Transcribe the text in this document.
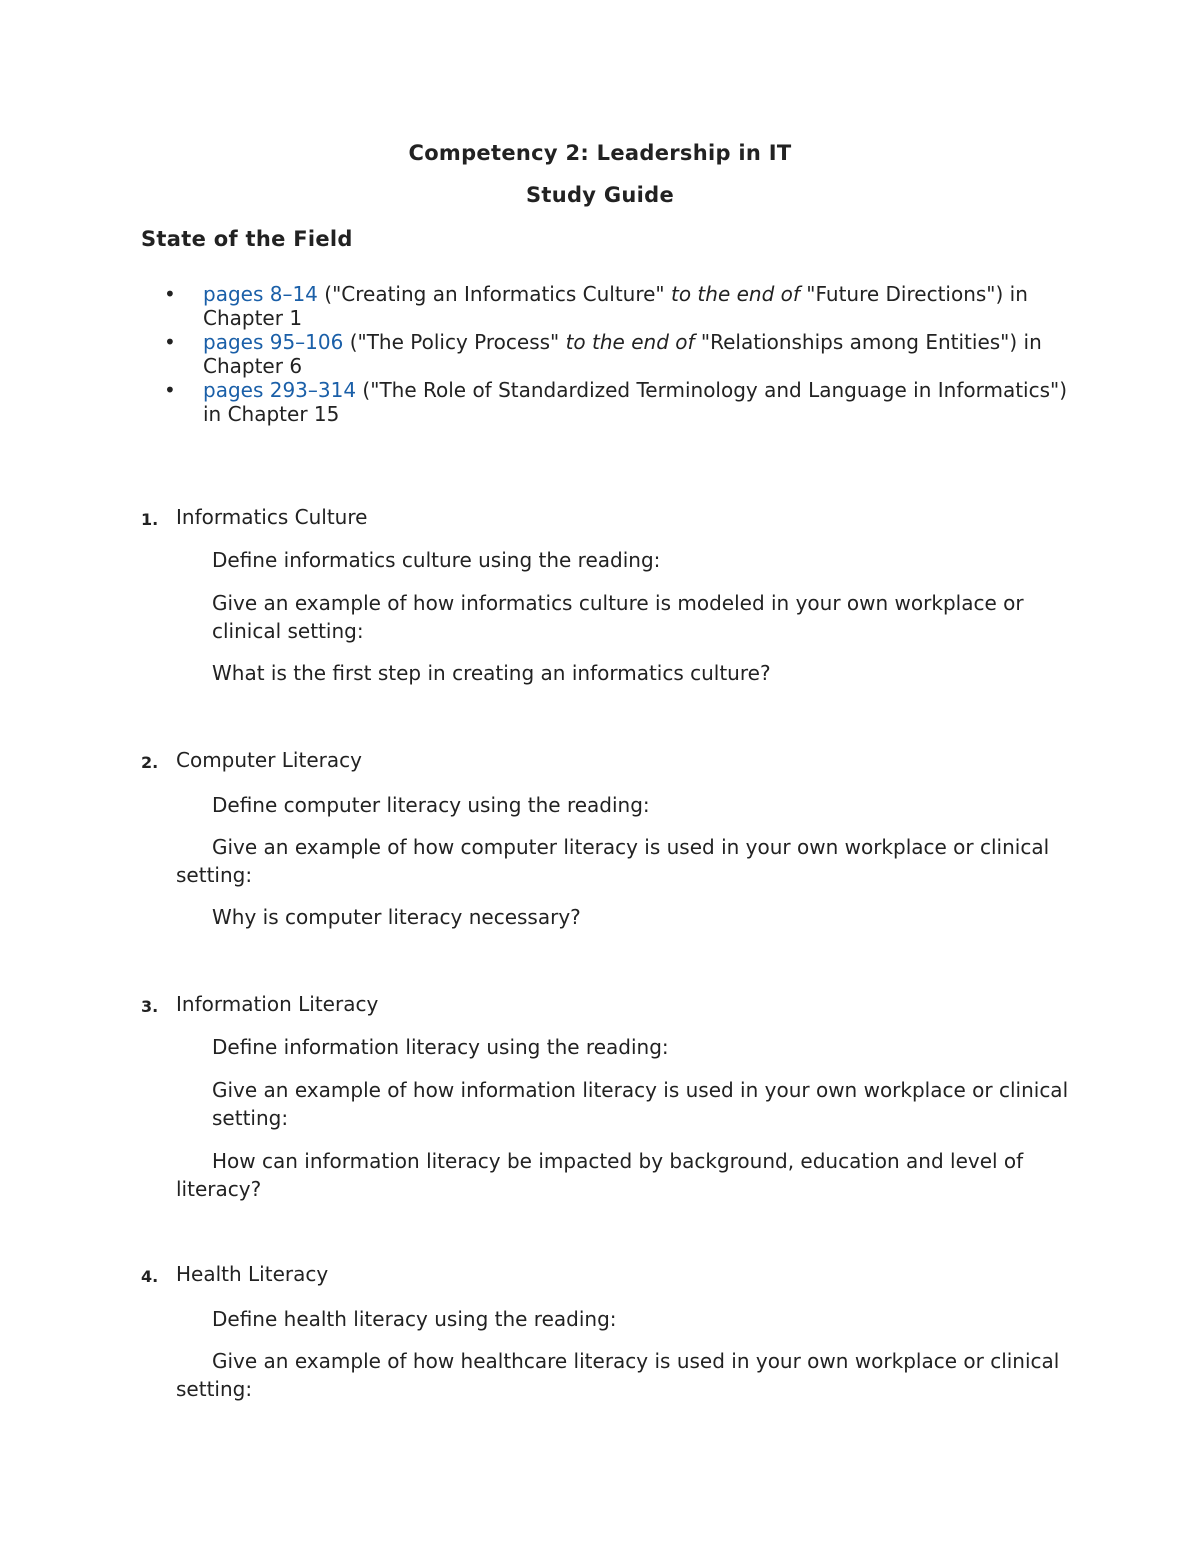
Competency 2: Leadership in IT
Study Guide
State of the Field
• pages 8–14 ("Creating an Informatics Culture" to the end of "Future Directions") in Chapter 1
• pages 95–106 ("The Policy Process" to the end of "Relationships among Entities") in Chapter 6
• pages 293–314 ("The Role of Standardized Terminology and Language in Informatics") in Chapter 15
1. Informatics Culture
Define informatics culture using the reading:
Give an example of how informatics culture is modeled in your own workplace or clinical setting:
What is the first step in creating an informatics culture?
2. Computer Literacy
Define computer literacy using the reading:
Give an example of how computer literacy is used in your own workplace or clinical setting:
Why is computer literacy necessary?
3. Information Literacy
Define information literacy using the reading:
Give an example of how information literacy is used in your own workplace or clinical setting:
How can information literacy be impacted by background, education and level of literacy?
4. Health Literacy
Define health literacy using the reading:
Give an example of how healthcare literacy is used in your own workplace or clinical setting:
